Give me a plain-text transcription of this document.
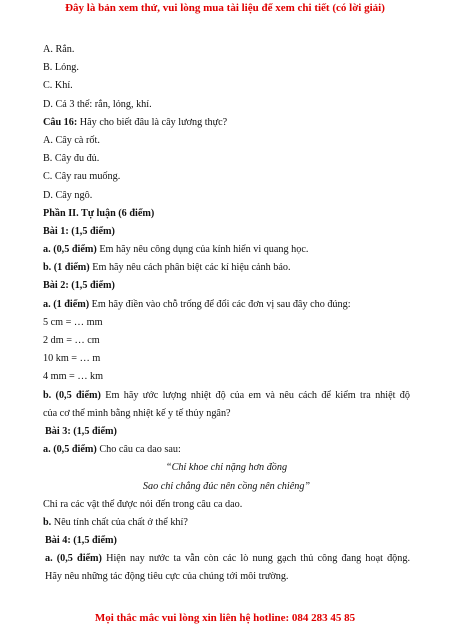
Đây là bản xem thử, vui lòng mua tài liệu để xem chi tiết (có lời giải)
A. Rắn.
B. Lỏng.
C. Khí.
D. Cả 3 thể: rắn, lỏng, khí.
Câu 16: Hãy cho biết đâu là cây lương thực?
A. Cây cà rốt.
B. Cây đu đủ.
C. Cây rau muống.
D. Cây ngô.
Phần II. Tự luận (6 điểm)
Bài 1: (1,5 điểm)
a. (0,5 điểm) Em hãy nêu công dụng của kính hiển vi quang học.
b. (1 điểm) Em hãy nêu cách phân biệt các kí hiệu cảnh báo.
Bài 2: (1,5 điểm)
a. (1 điểm) Em hãy điền vào chỗ trống để đổi các đơn vị sau đây cho đúng:
5 cm = … mm
2 dm = … cm
10 km = … m
4 mm = … km
b. (0,5 điểm) Em hãy ước lượng nhiệt độ của em và nêu cách để kiểm tra nhiệt độ
của cơ thể mình bằng nhiệt kế y tế thủy ngân?
Bài 3: (1,5 điểm)
a. (0,5 điểm) Cho câu ca dao sau:
“Chỉ khoe chỉ nặng hơn đồng
Sao chỉ chẳng đúc nên cồng nên chiêng”
Chỉ ra các vật thể được nói đến trong câu ca dao.
b. Nêu tính chất của chất ở thể khí?
Bài 4: (1,5 điểm)
a. (0,5 điểm) Hiện nay nước ta vẫn còn các lò nung gạch thủ công đang hoạt động.
Hãy nêu những tác động tiêu cực của chúng tới môi trường.
Mọi thắc mắc vui lòng xin liên hệ hotline: 084 283 45 85
